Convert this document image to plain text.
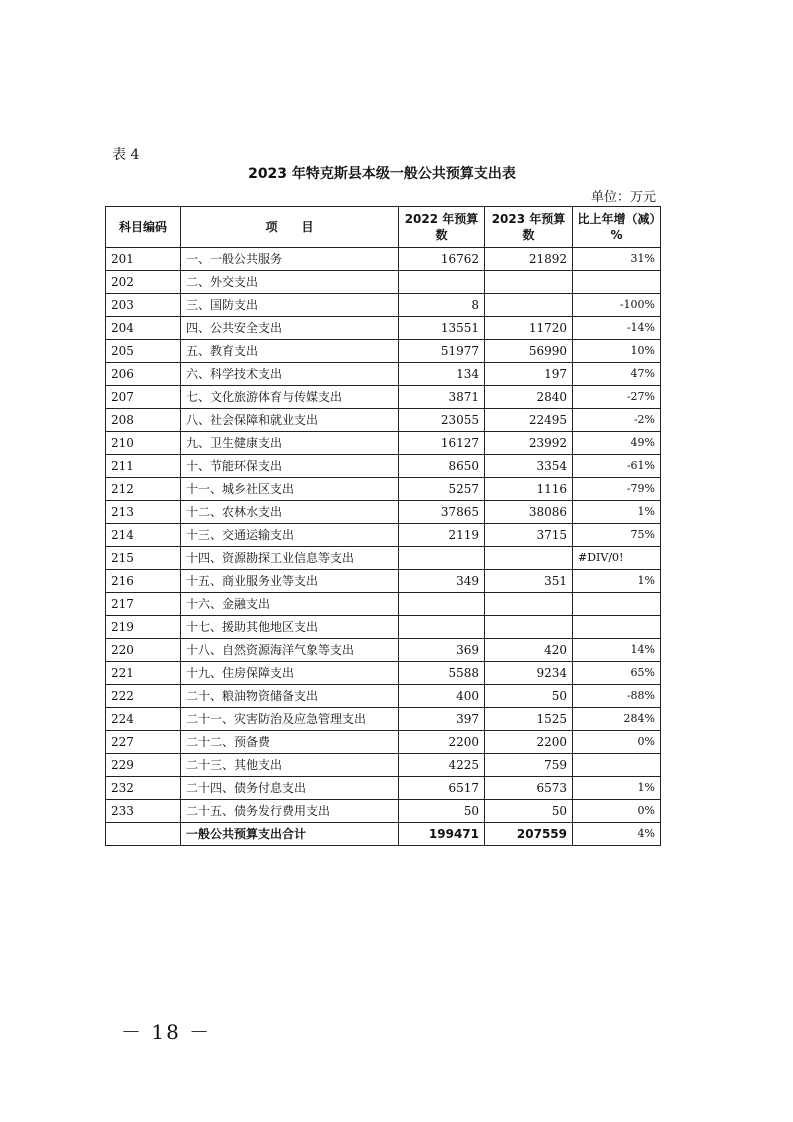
表 4
2023 年特克斯县本级一般公共预算支出表
单位：万元
科目编码	项　　目	2022 年预算数	2023 年预算数	比上年增（减）%
201	一、一般公共服务	16762	21892	31%
202	二、外交支出			
203	三、国防支出	8		-100%
204	四、公共安全支出	13551	11720	-14%
205	五、教育支出	51977	56990	10%
206	六、科学技术支出	134	197	47%
207	七、文化旅游体育与传媒支出	3871	2840	-27%
208	八、社会保障和就业支出	23055	22495	-2%
210	九、卫生健康支出	16127	23992	49%
211	十、节能环保支出	8650	3354	-61%
212	十一、城乡社区支出	5257	1116	-79%
213	十二、农林水支出	37865	38086	1%
214	十三、交通运输支出	2119	3715	75%
215	十四、资源勘探工业信息等支出			#DIV/0!
216	十五、商业服务业等支出	349	351	1%
217	十六、金融支出			
219	十七、援助其他地区支出			
220	十八、自然资源海洋气象等支出	369	420	14%
221	十九、住房保障支出	5588	9234	65%
222	二十、粮油物资储备支出	400	50	-88%
224	二十一、灾害防治及应急管理支出	397	1525	284%
227	二十二、预备费	2200	2200	0%
229	二十三、其他支出	4225	759	
232	二十四、债务付息支出	6517	6573	1%
233	二十五、债务发行费用支出	50	50	0%
	一般公共预算支出合计	199471	207559	4%
－ 18 －
